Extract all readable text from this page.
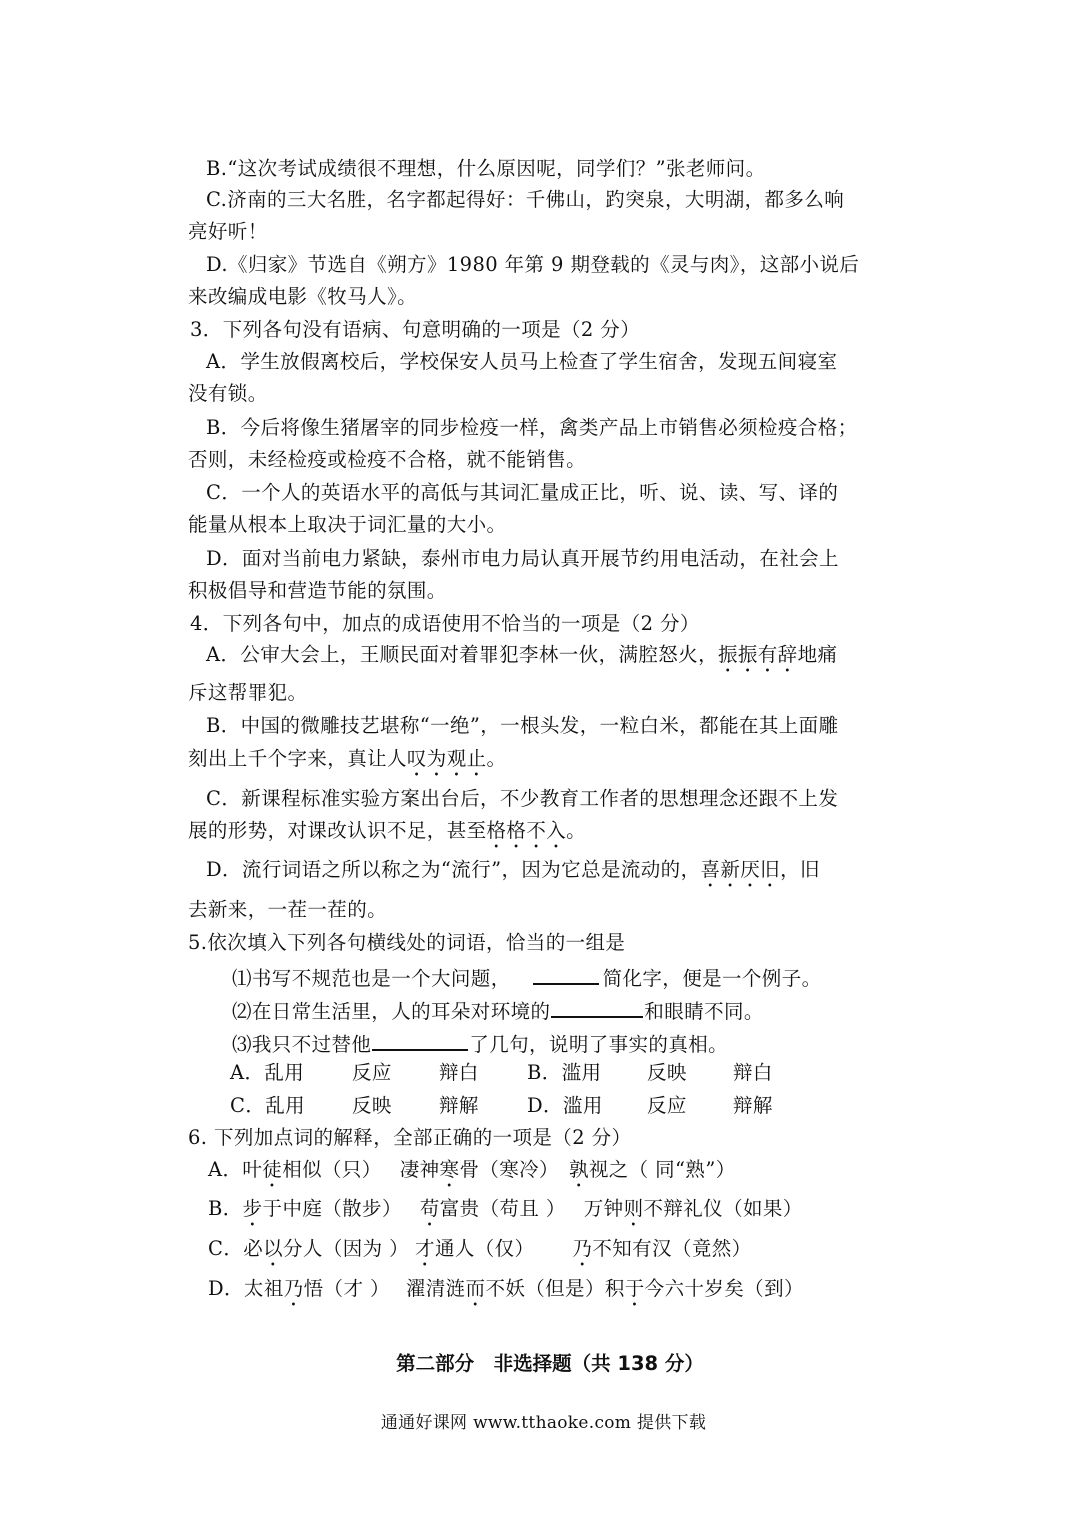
B.“这次考试成绩很不理想，什么原因呢，同学们？”张老师问。
C.济南的三大名胜，名字都起得好：千佛山，趵突泉，大明湖，都多么响
亮好听！
D.《归家》节选自《朔方》1980 年第 9 期登载的《灵与肉》，这部小说后
来改编成电影《牧马人》。
3．下列各句没有语病、句意明确的一项是（2 分）
A．学生放假离校后，学校保安人员马上检查了学生宿舍，发现五间寝室
没有锁。
B．今后将像生猪屠宰的同步检疫一样，禽类产品上市销售必须检疫合格；
否则，未经检疫或检疫不合格，就不能销售。
C．一个人的英语水平的高低与其词汇量成正比，听、说、读、写、译的
能量从根本上取决于词汇量的大小。
D．面对当前电力紧缺，泰州市电力局认真开展节约用电活动，在社会上
积极倡导和营造节能的氛围。
4．下列各句中，加点的成语使用不恰当的一项是（2 分）
A．公审大会上，王顺民面对着罪犯李林一伙，满腔怒火，振振有辞地痛
斥这帮罪犯。
B．中国的微雕技艺堪称“一绝”，一根头发，一粒白米，都能在其上面雕
刻出上千个字来，真让人叹为观止。
C．新课程标准实验方案出台后，不少教育工作者的思想理念还跟不上发
展的形势，对课改认识不足，甚至格格不入。
D．流行词语之所以称之为“流行”，因为它总是流动的，喜新厌旧，旧
去新来，一茬一茬的。
5.依次填入下列各句横线处的词语，恰当的一组是
⑴书写不规范也是一个大问题，	简化字，便是一个例子。
⑵在日常生活里，人的耳朵对环境的	和眼睛不同。
⑶我只不过替他	了几句，说明了事实的真相。
A．乱用 反应 辩白 B．滥用 反映 辩白
C．乱用 反映 辩解 D．滥用 反应 辩解
6. 下列加点词的解释，全部正确的一项是（2 分）
A．叶徒相似（只） 凄神寒骨（寒冷） 孰视之（ 同“熟”）
B．步于中庭（散步） 苟富贵（苟且 ） 万钟则不辩礼仪（如果）
C．必以分人（因为 ） 才通人（仅） 乃不知有汉（竟然）
D．太祖乃悟（才 ） 濯清涟而不妖（但是）积于今六十岁矣（到）
第二部分　非选择题（共 138 分）
通通好课网 www.tthaoke.com 提供下载
